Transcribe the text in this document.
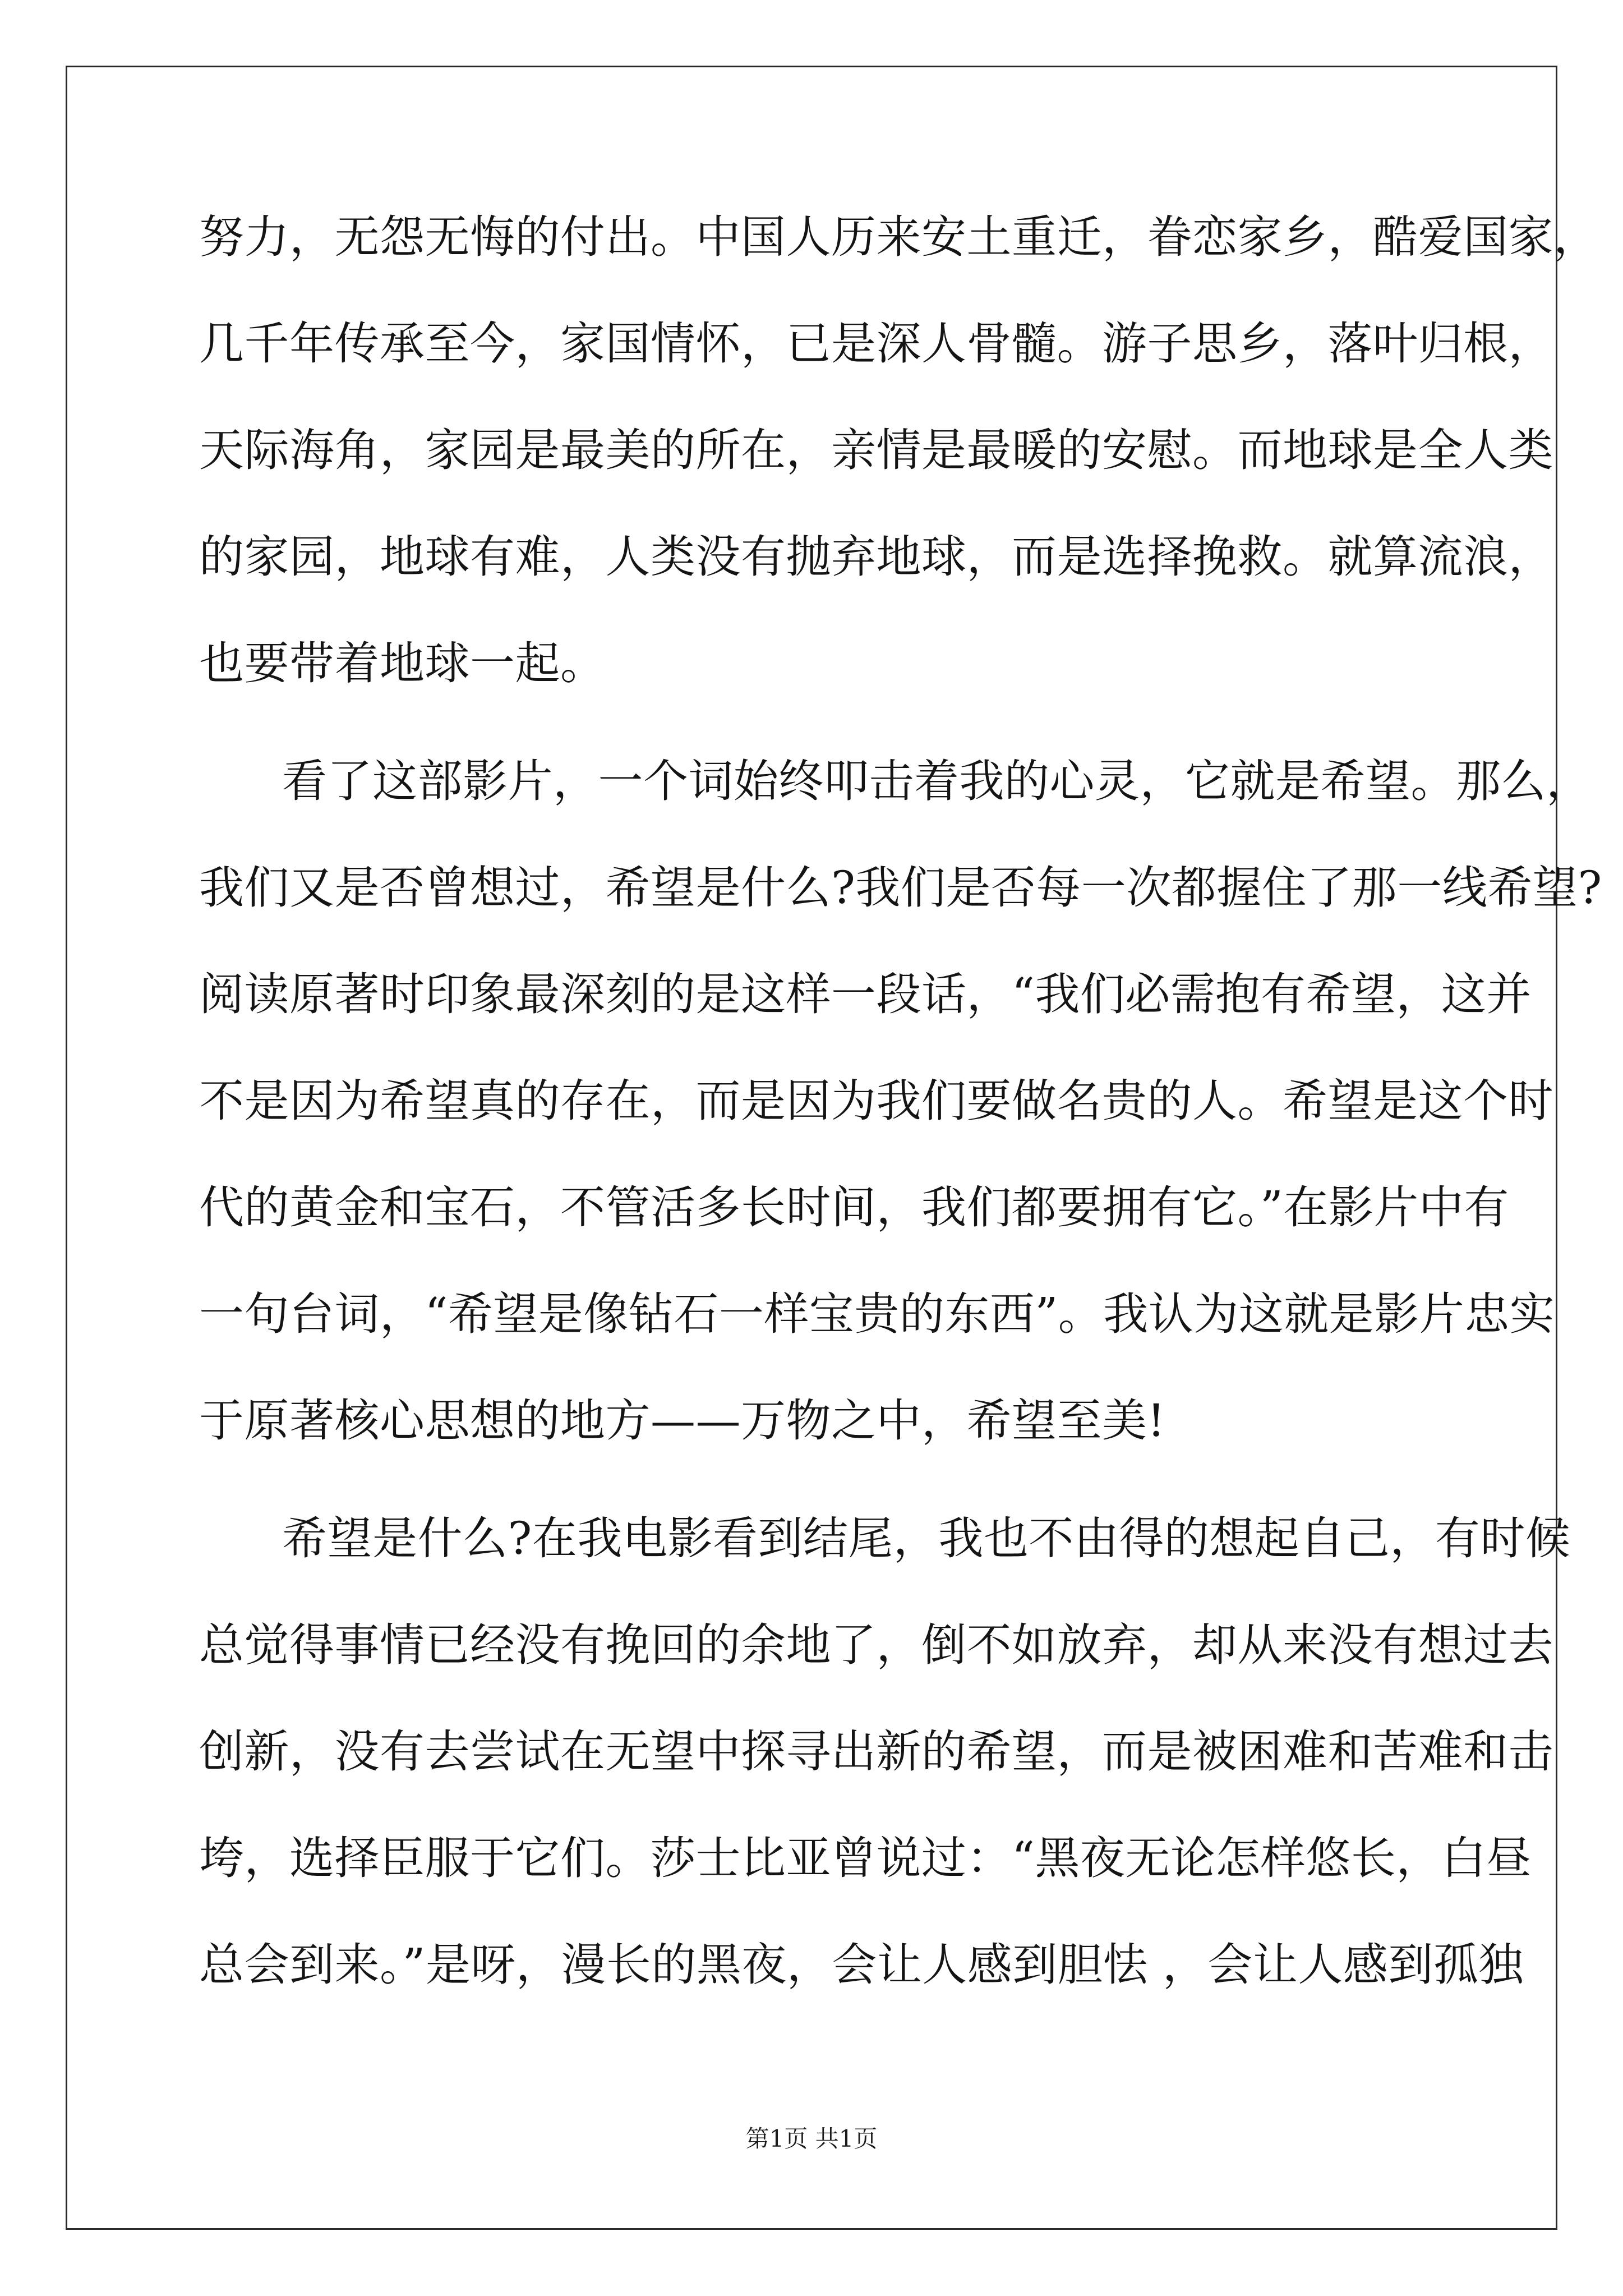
努力，无怨无悔的付出。中国人历来安土重迁，眷恋家乡，酷爱国家，
几千年传承至今，家国情怀，已是深人骨髓。游子思乡，落叶归根，
天际海角，家园是最美的所在，亲情是最暖的安慰。而地球是全人类
的家园，地球有难，人类没有抛弃地球，而是选择挽救。就算流浪，
也要带着地球一起。
看了这部影片，一个词始终叩击着我的心灵，它就是希望。那么，
我们又是否曾想过，希望是什么?我们是否每一次都握住了那一线希望?
阅读原著时印象最深刻的是这样一段话，“我们必需抱有希望，这并
不是因为希望真的存在，而是因为我们要做名贵的人。希望是这个时
代的黄金和宝石，不管活多长时间，我们都要拥有它。”在影片中有
一句台词，“希望是像钻石一样宝贵的东西”。我认为这就是影片忠实
于原著核心思想的地方——万物之中，希望至美!
希望是什么?在我电影看到结尾，我也不由得的想起自己，有时候
总觉得事情已经没有挽回的余地了，倒不如放弃，却从来没有想过去
创新，没有去尝试在无望中探寻出新的希望，而是被困难和苦难和击
垮，选择臣服于它们。莎士比亚曾说过：“黑夜无论怎样悠长，白昼
总会到来。”是呀，漫长的黑夜，会让人感到胆怯 ，会让人感到孤独
第1页 共1页
